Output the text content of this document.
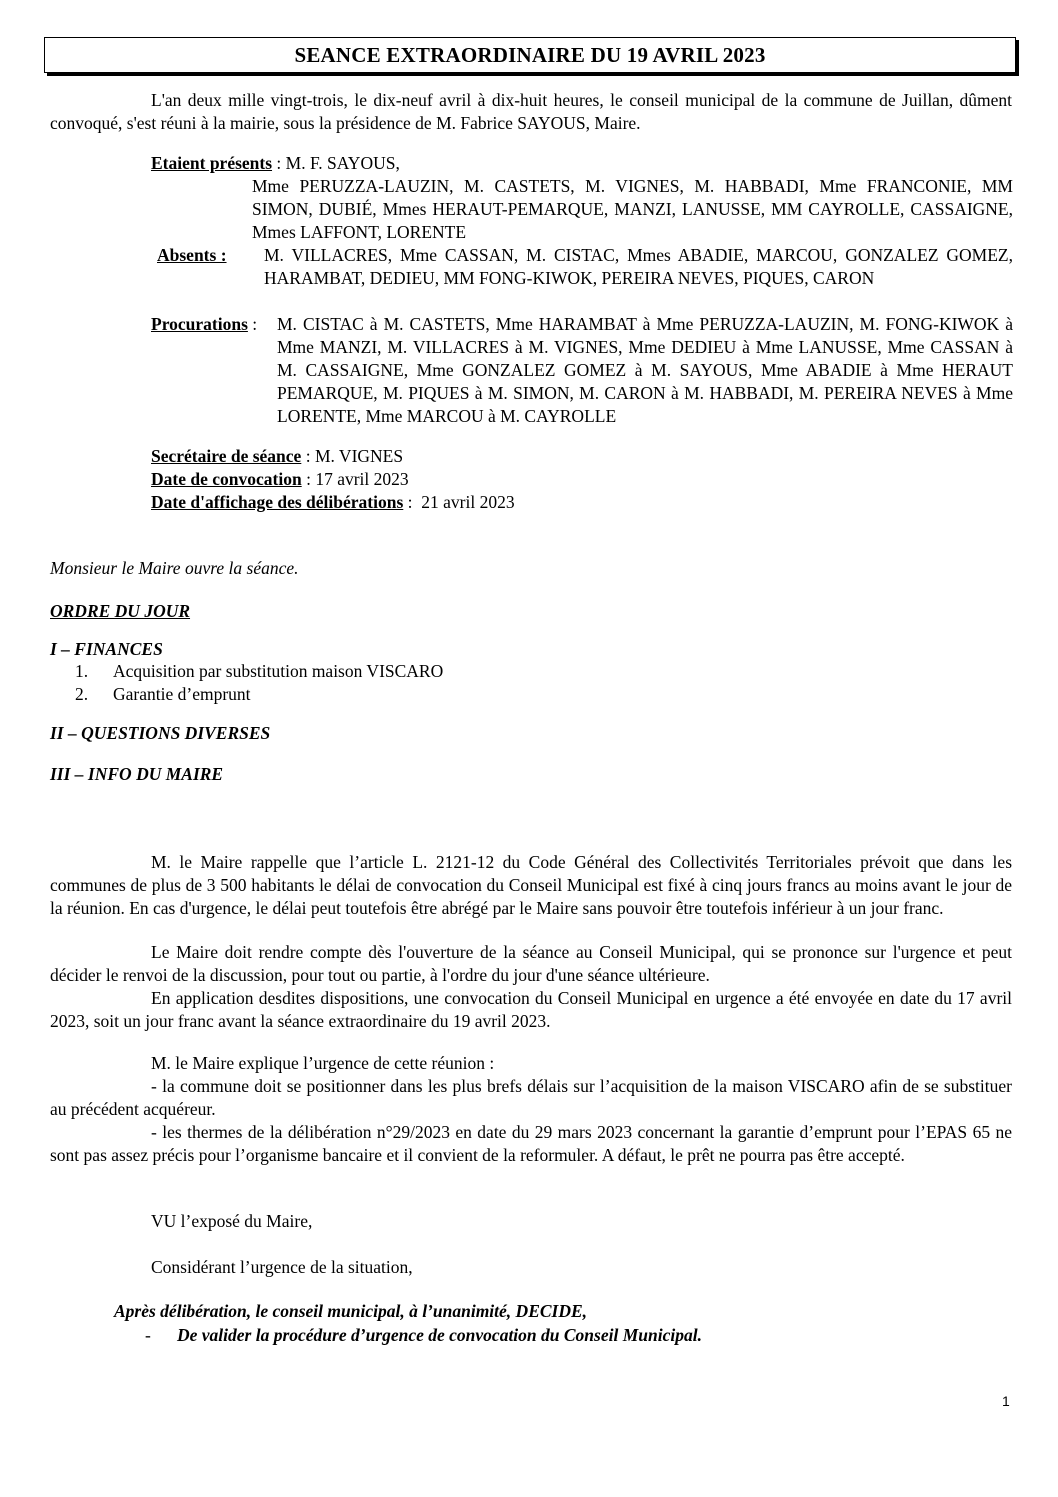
SEANCE EXTRAORDINAIRE DU 19 AVRIL 2023

L'an deux mille vingt-trois, le dix-neuf avril à dix-huit heures, le conseil municipal de la commune de Juillan, dûment convoqué, s'est réuni à la mairie, sous la présidence de M. Fabrice SAYOUS, Maire.

Etaient présents : M. F. SAYOUS,
Mme PERUZZA-LAUZIN, M. CASTETS, M. VIGNES, M. HABBADI, Mme FRANCONIE, MM SIMON, DUBIÉ, Mmes HERAUT-PEMARQUE, MANZI, LANUSSE, MM CAYROLLE, CASSAIGNE, Mmes LAFFONT, LORENTE
Absents :	M. VILLACRES, Mme CASSAN, M. CISTAC, Mmes ABADIE, MARCOU, GONZALEZ GOMEZ, HARAMBAT, DEDIEU, MM FONG-KIWOK, PEREIRA NEVES, PIQUES, CARON
Procurations :	M. CISTAC à M. CASTETS, Mme HARAMBAT à Mme PERUZZA-LAUZIN, M. FONG-KIWOK à Mme MANZI, M. VILLACRES à M. VIGNES, Mme DEDIEU à Mme LANUSSE, Mme CASSAN à M. CASSAIGNE, Mme GONZALEZ GOMEZ à M. SAYOUS, Mme ABADIE à Mme HERAUT PEMARQUE, M. PIQUES à M. SIMON, M. CARON à M. HABBADI, M. PEREIRA NEVES à Mme LORENTE, Mme MARCOU à M. CAYROLLE
Secrétaire de séance : M. VIGNES
Date de convocation : 17 avril 2023
Date d'affichage des délibérations :  21 avril 2023
Monsieur le Maire ouvre la séance.
ORDRE DU JOUR
I – FINANCES
1. Acquisition par substitution maison VISCARO
2. Garantie d’emprunt
II – QUESTIONS DIVERSES
III – INFO DU MAIRE

M. le Maire rappelle que l’article L. 2121-12 du Code Général des Collectivités Territoriales prévoit que dans les communes de plus de 3 500 habitants le délai de convocation du Conseil Municipal est fixé à cinq jours francs au moins avant le jour de la réunion. En cas d'urgence, le délai peut toutefois être abrégé par le Maire sans pouvoir être toutefois inférieur à un jour franc.

Le Maire doit rendre compte dès l'ouverture de la séance au Conseil Municipal, qui se prononce sur l'urgence et peut décider le renvoi de la discussion, pour tout ou partie, à l'ordre du jour d'une séance ultérieure.

En application desdites dispositions, une convocation du Conseil Municipal en urgence a été envoyée en date du 17 avril 2023, soit un jour franc avant la séance extraordinaire du 19 avril 2023.

M. le Maire explique l’urgence de cette réunion :

- la commune doit se positionner dans les plus brefs délais sur l’acquisition de la maison VISCARO afin de se substituer au précédent acquéreur.

- les thermes de la délibération n°29/2023 en date du 29 mars 2023 concernant la garantie d’emprunt pour l’EPAS 65 ne sont pas assez précis pour l’organisme bancaire et il convient de la reformuler. A défaut, le prêt ne pourra pas être accepté.

VU l’exposé du Maire,

Considérant l’urgence de la situation,

Après délibération, le conseil municipal, à l’unanimité, DECIDE,
- De valider la procédure d’urgence de convocation du Conseil Municipal.
1
